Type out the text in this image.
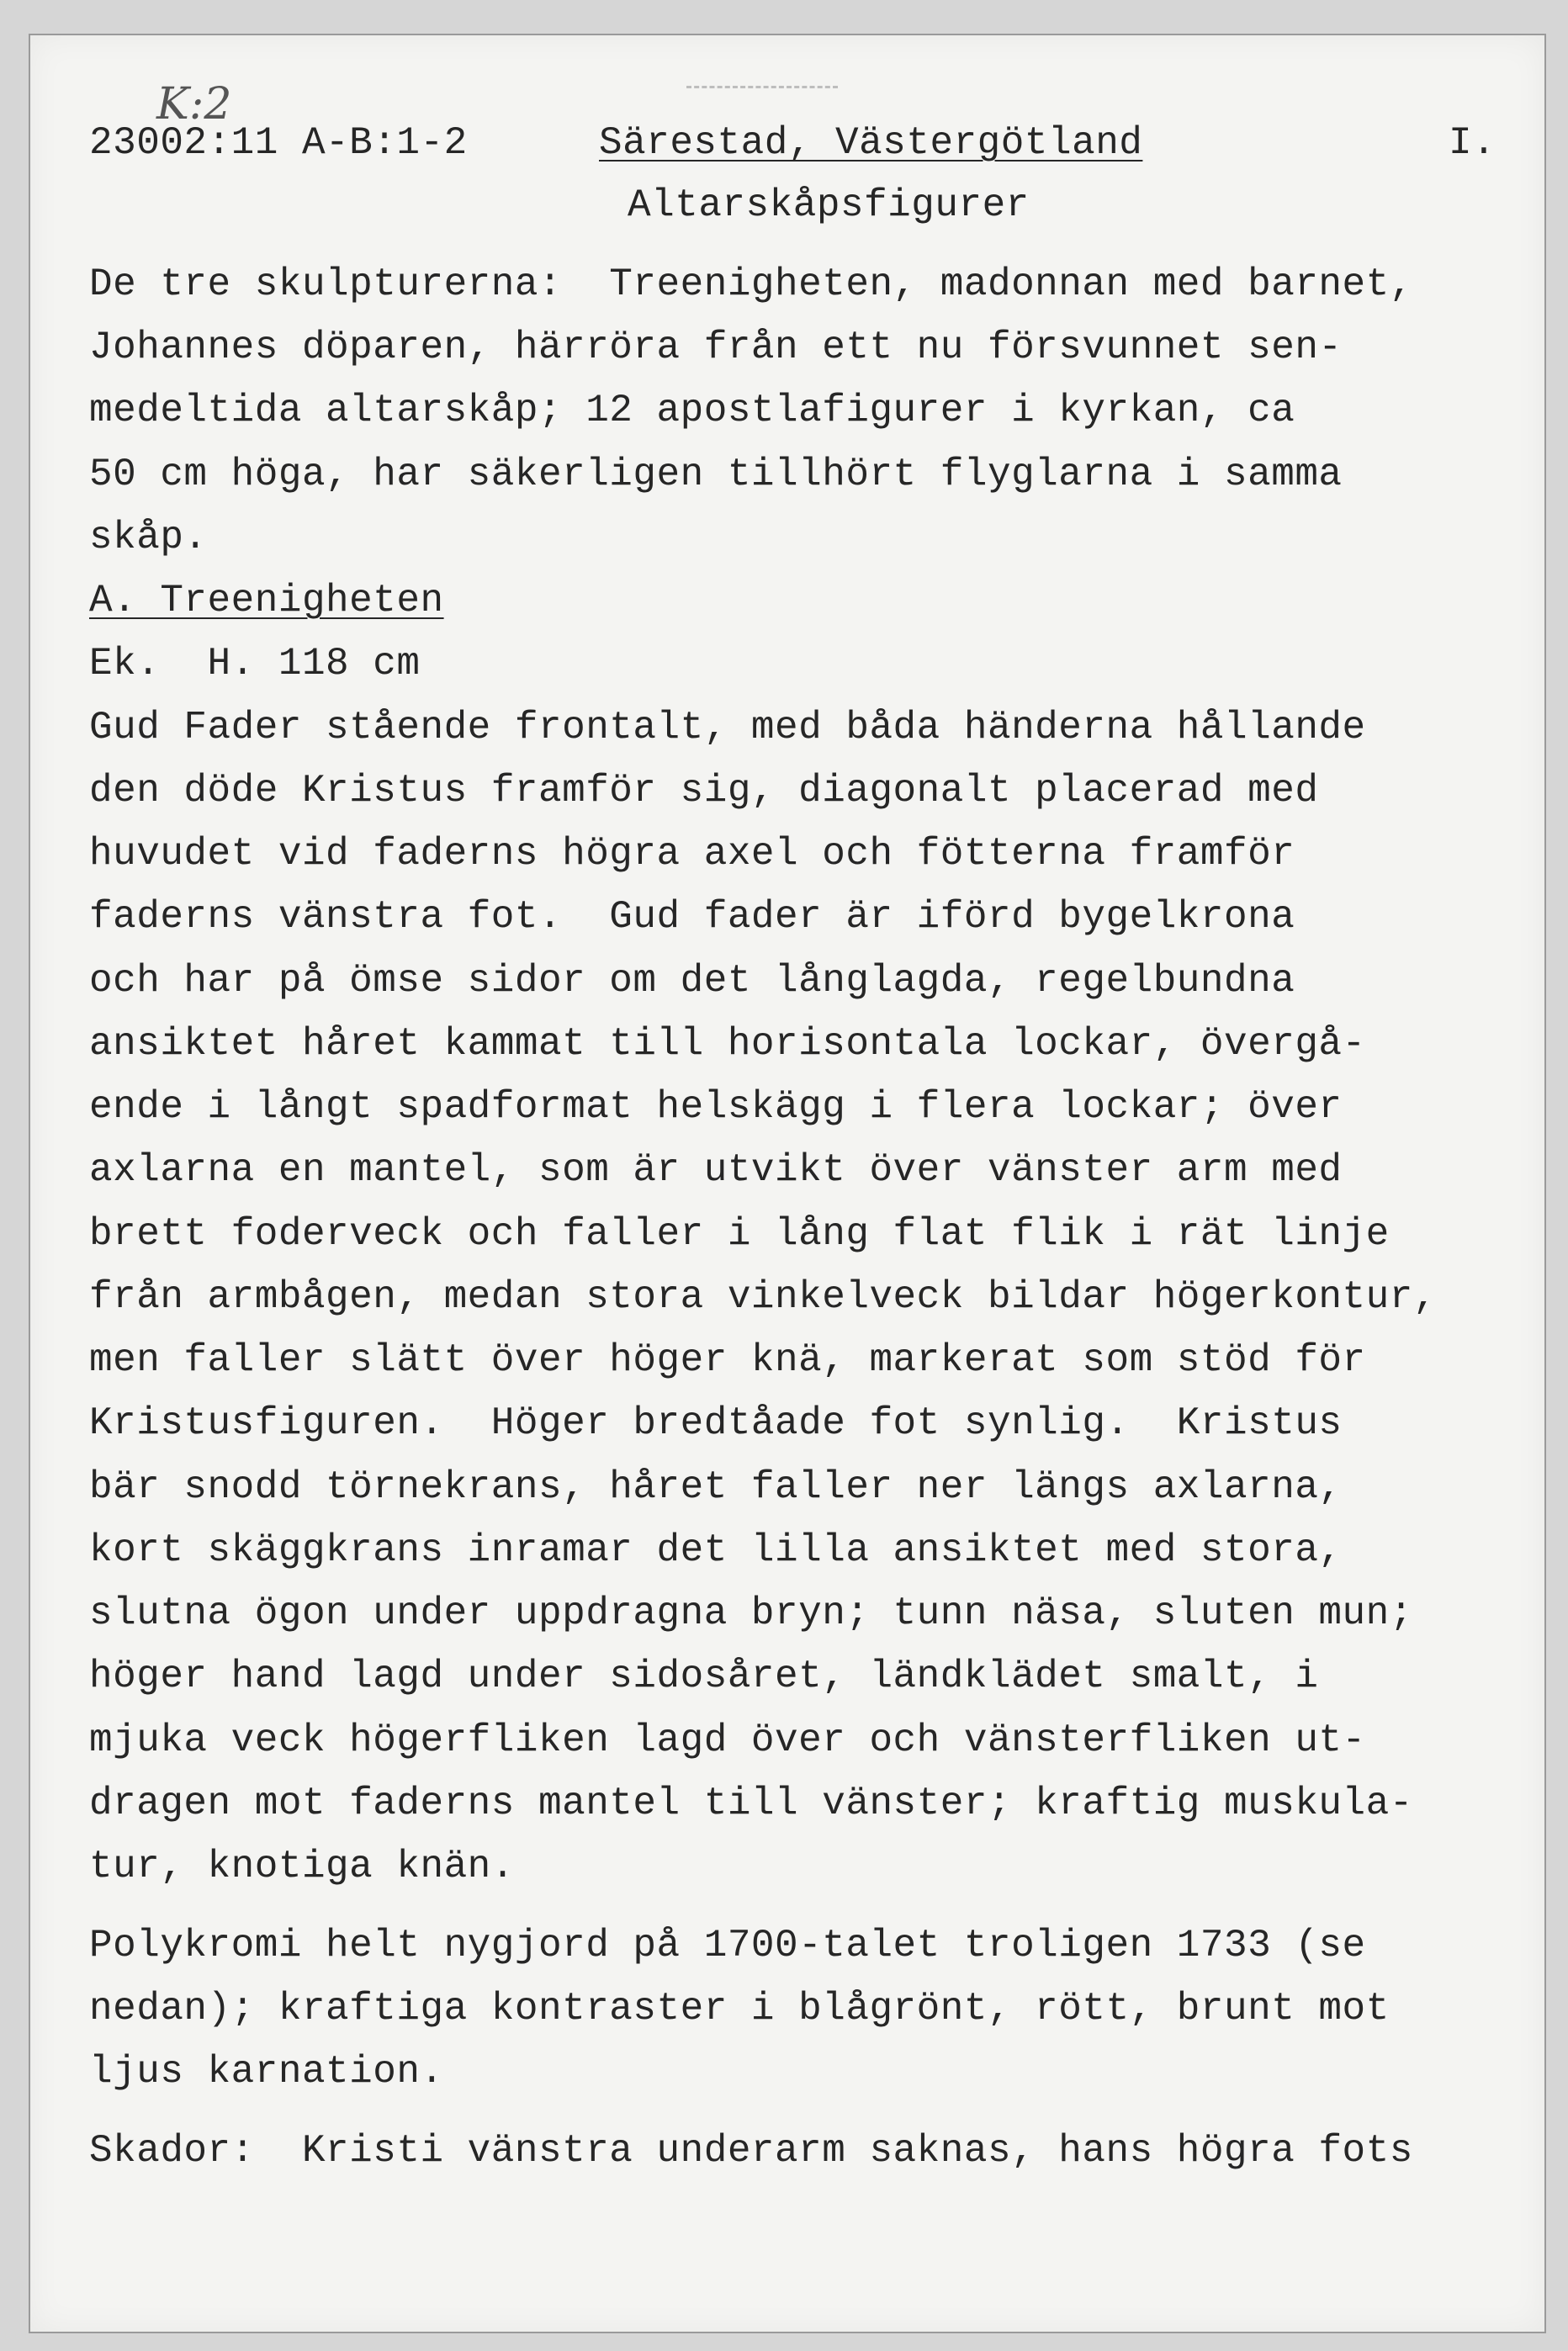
K:2
23002:11 A-B:1-2	Särestad, Västergötland	I.
Altarskåpsfigurer
De tre skulpturerna:  Treenigheten, madonnan med barnet,
Johannes döparen, härröra från ett nu försvunnet sen-
medeltida altarskåp; 12 apostlafigurer i kyrkan, ca
50 cm höga, har säkerligen tillhört flyglarna i samma
skåp.
A. Treenigheten
Ek.  H. 118 cm
Gud Fader stående frontalt, med båda händerna hållande
den döde Kristus framför sig, diagonalt placerad med
huvudet vid faderns högra axel och fötterna framför
faderns vänstra fot.  Gud fader är iförd bygelkrona
och har på ömse sidor om det långlagda, regelbundna
ansiktet håret kammat till horisontala lockar, övergå-
ende i långt spadformat helskägg i flera lockar; över
axlarna en mantel, som är utvikt över vänster arm med
brett foderveck och faller i lång flat flik i rät linje
från armbågen, medan stora vinkelveck bildar högerkontur,
men faller slätt över höger knä, markerat som stöd för
Kristusfiguren.  Höger bredtåade fot synlig.  Kristus
bär snodd törnekrans, håret faller ner längs axlarna,
kort skäggkrans inramar det lilla ansiktet med stora,
slutna ögon under uppdragna bryn; tunn näsa, sluten mun;
höger hand lagd under sidosåret, ländklädet smalt, i
mjuka veck högerfliken lagd över och vänsterfliken ut-
dragen mot faderns mantel till vänster; kraftig muskula-
tur, knotiga knän.
Polykromi helt nygjord på 1700-talet troligen 1733 (se
nedan); kraftiga kontraster i blågrönt, rött, brunt mot
ljus karnation.
Skador:  Kristi vänstra underarm saknas, hans högra fots
